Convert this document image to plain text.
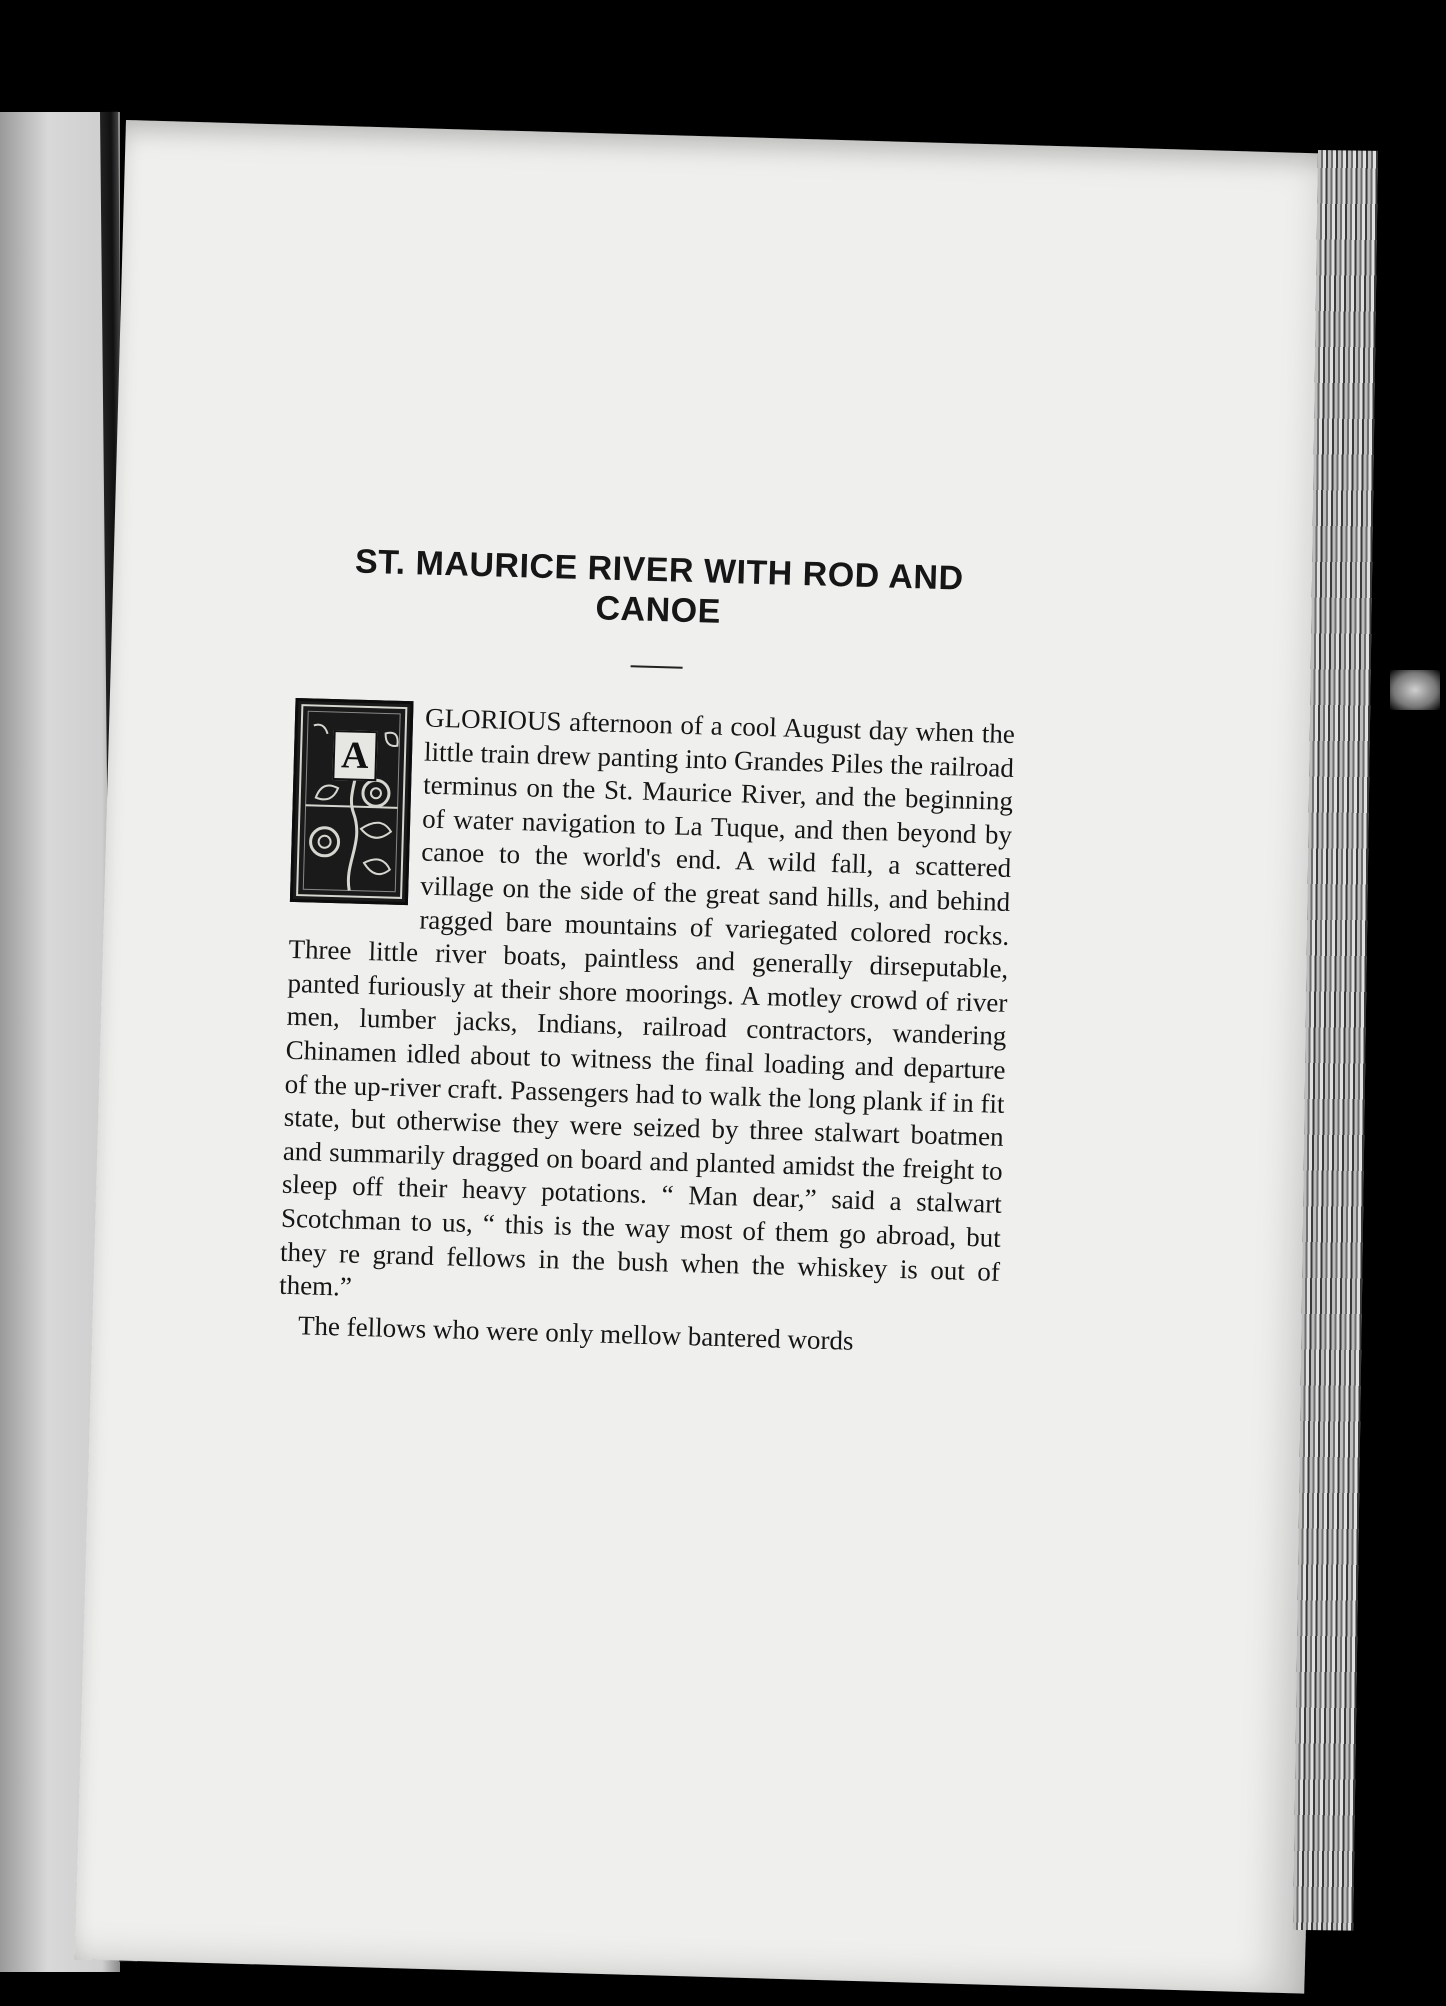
ST. MAURICE RIVER WITH ROD AND CANOE
A

GLORIOUS afternoon of a cool August day when the little train drew panting into Grandes Piles the railroad terminus on the St. Maurice River, and the beginning of water navigation to La Tuque, and then beyond by canoe to the world's end. A wild fall, a scattered village on the side of the great sand hills, and behind ragged bare mountains of variegated colored rocks. Three little river boats, paintless and generally dirseputable, panted furiously at their shore moorings. A motley crowd of river men, lumber jacks, Indians, railroad contractors, wandering Chinamen idled about to witness the final loading and departure of the up-river craft. Passengers had to walk the long plank if in fit state, but otherwise they were seized by three stalwart boatmen and summarily dragged on board and planted amidst the freight to sleep off their heavy potations. “ Man dear,” said a stalwart Scotchman to us, “ this is the way most of them go abroad, but they re grand fellows in the bush when the whiskey is out of them.”

The fellows who were only mellow bantered words
